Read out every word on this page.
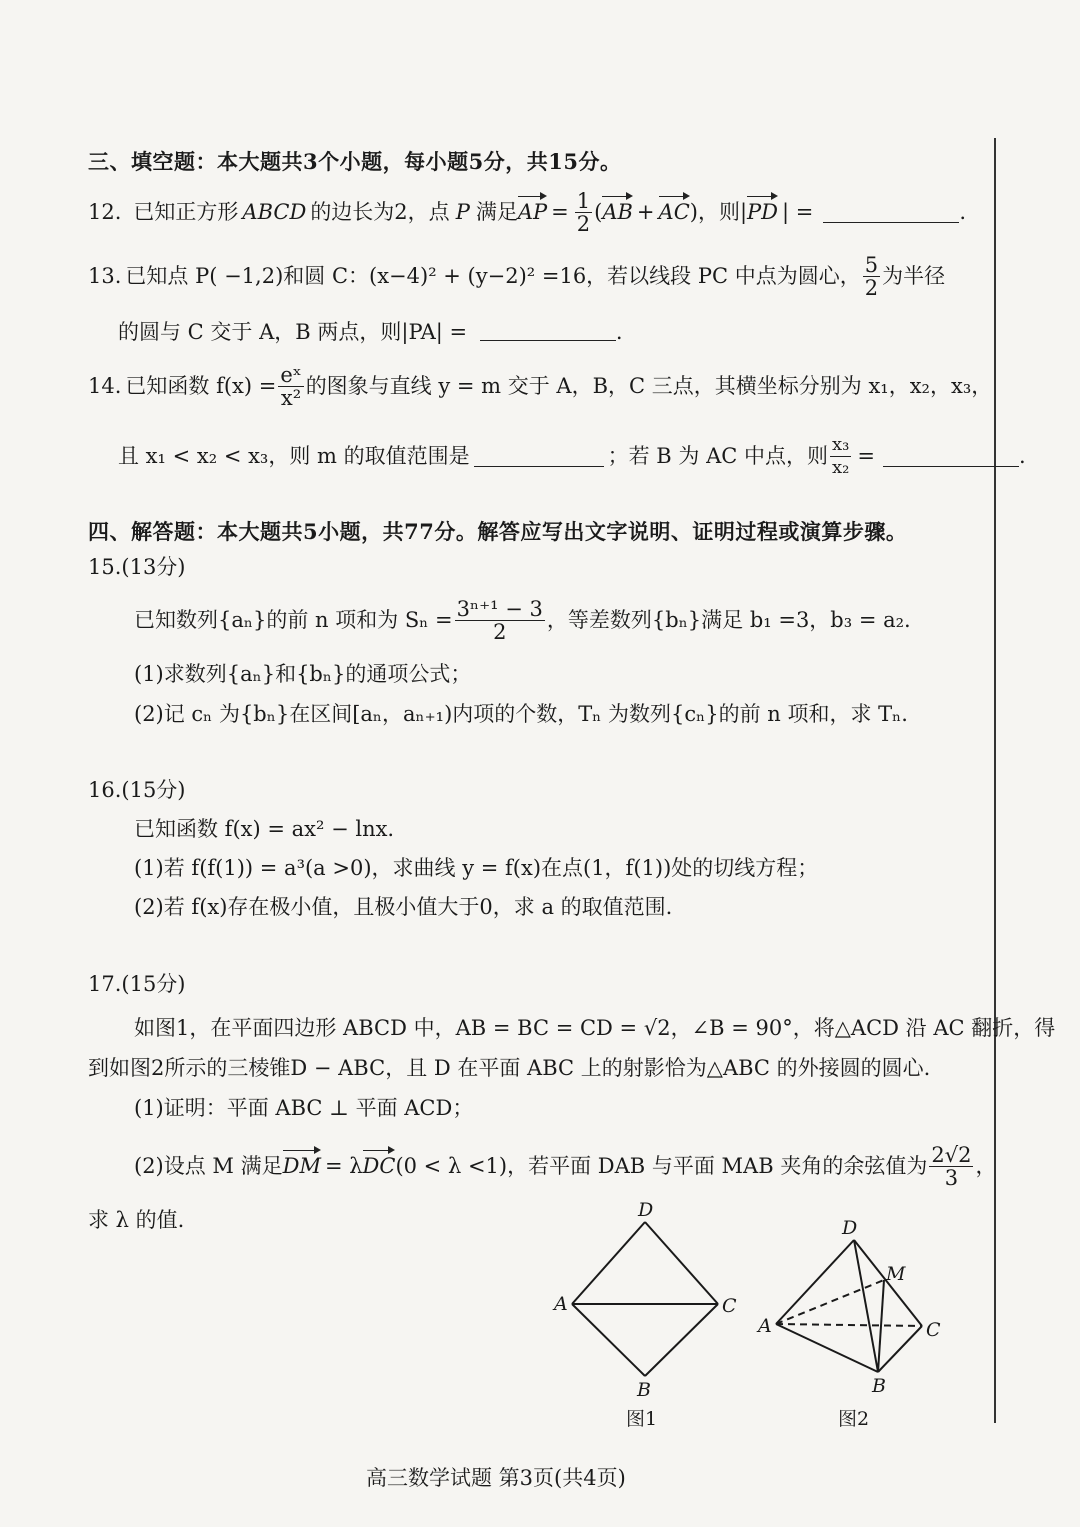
三、填空题：本大题共3个小题，每小题5分，共15分。
12. 已知正方形 ABCD 的边长为2，点 P 满足 AP = $\frac{1}{2}$ ( AB + AC )，则| PD | =	.
13. 已知点 P( −1,2)和圆 C：(x−4)² + (y−2)² =16，若以线段 PC 中点为圆心， $\frac{5}{2}$ 为半径
的圆与 C 交于 A，B 两点，则|PA| =	.
14. 已知函数 $f(x) = \frac{\text{eˣ}}{\text{x²}}$ 的图象与直线 y = m 交于 A，B，C 三点，其横坐标分别为 x₁，x₂，x₃，
且 x₁ < x₂ < x₃，则 m 的取值范围是	；若 B 为 AC 中点，则 $\frac{\text{x₃}}{\text{x₂}}$ =	.
四、解答题：本大题共5小题，共77分。解答应写出文字说明、证明过程或演算步骤。
15.(13分)
已知数列{aₙ}的前 n 项和为 $S_n = \frac{\text{3ⁿ⁺¹ − 3}}{2}$ ，等差数列{bₙ}满足 b₁ =3，b₃ = a₂.
(1)求数列{aₙ}和{bₙ}的通项公式；
(2)记 cₙ 为{bₙ}在区间[aₙ，aₙ₊₁)内项的个数，Tₙ 为数列{cₙ}的前 n 项和，求 Tₙ.
16.(15分)
已知函数 f(x) = ax² − lnx.
(1)若 f(f(1)) = a³(a >0)，求曲线 y = f(x)在点(1，f(1))处的切线方程；
(2)若 f(x)存在极小值，且极小值大于0，求 a 的取值范围.
17.(15分)
如图1，在平面四边形 ABCD 中，AB = BC = CD = √2，∠B = 90°，将△ACD 沿 AC 翻折，得
到如图2所示的三棱锥D − ABC，且 D 在平面 ABC 上的射影恰为△ABC 的外接圆的圆心.
(1)证明：平面 ABC ⊥ 平面 ACD；
(2)设点 M 满足 DM = λ DC (0 < λ <1)，若平面 DAB 与平面 MAB 夹角的余弦值为 $\frac{2√2}{3}$ ，
求 λ 的值.	D
A	C
B
图1
D
M
A	C
B
图2
高三数学试题 第3页(共4页)
